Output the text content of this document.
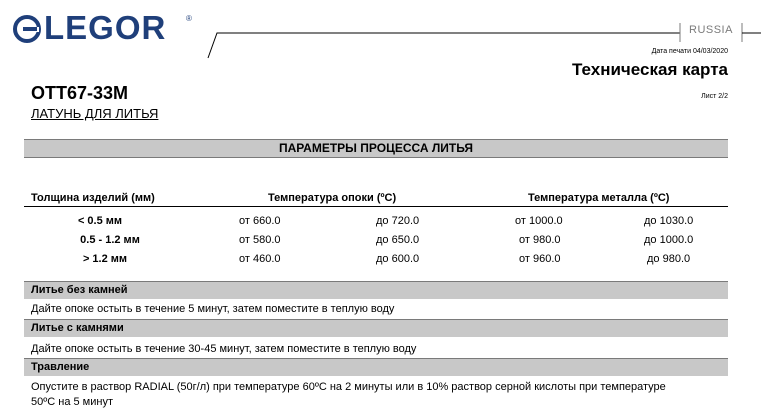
LEGOR ®
RUSSIA
Дата печати 04/03/2020
Техническая карта
Лист 2/2
OTT67-33M
ЛАТУНЬ ДЛЯ ЛИТЬЯ
ПАРАМЕТРЫ ПРОЦЕССА ЛИТЬЯ
Толщина изделий (мм)	Температура опоки (ºC)	Температура металла (ºC)
< 0.5 мм	от 660.0	до 720.0	от 1000.0	до 1030.0
0.5 - 1.2 мм	от 580.0	до 650.0	от 980.0	до 1000.0
> 1.2 мм	от 460.0	до 600.0	от 960.0	до 980.0
Литье без камней
Дайте опоке остыть в течение 5 минут, затем поместите в теплую воду
Литье с камнями
Дайте опоке остыть в течение 30-45 минут, затем поместите в теплую воду
Травление
Опустите в раствор RADIAL (50г/л) при температуре 60ºC на 2 минуты или в 10% раствор серной кислоты при температуре
50ºC на 5 минут
